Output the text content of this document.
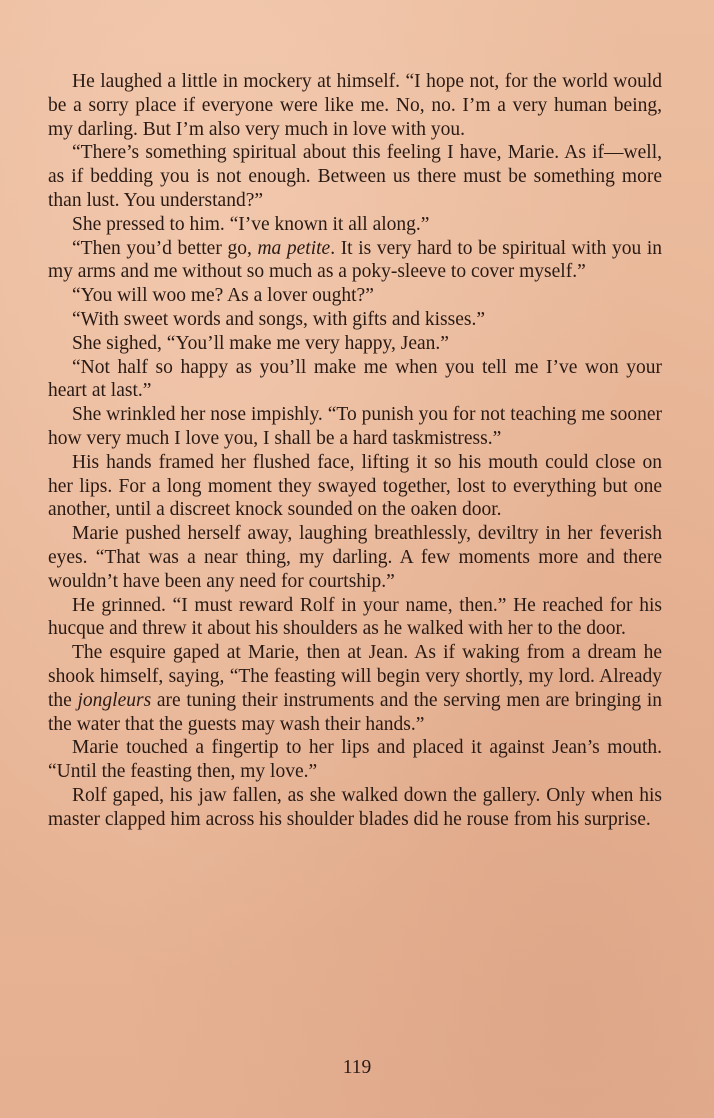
He laughed a little in mockery at himself. “I hope not, for the world would be a sorry place if everyone were like me. No, no. I’m a very human being, my darling. But I’m also very much in love with you.

“There’s something spiritual about this feeling I have, Marie. As if—well, as if bedding you is not enough. Between us there must be something more than lust. You understand?”

She pressed to him. “I’ve known it all along.”

“Then you’d better go, ma petite. It is very hard to be spiritual with you in my arms and me without so much as a poky-sleeve to cover myself.”

“You will woo me? As a lover ought?”

“With sweet words and songs, with gifts and kisses.”

She sighed, “You’ll make me very happy, Jean.”

“Not half so happy as you’ll make me when you tell me I’ve won your heart at last.”

She wrinkled her nose impishly. “To punish you for not teaching me sooner how very much I love you, I shall be a hard taskmistress.”

His hands framed her flushed face, lifting it so his mouth could close on her lips. For a long moment they swayed together, lost to everything but one another, until a discreet knock sounded on the oaken door.

Marie pushed herself away, laughing breathlessly, deviltry in her feverish eyes. “That was a near thing, my darling. A few moments more and there wouldn’t have been any need for courtship.”

He grinned. “I must reward Rolf in your name, then.” He reached for his hucque and threw it about his shoulders as he walked with her to the door.

The esquire gaped at Marie, then at Jean. As if waking from a dream he shook himself, saying, “The feasting will begin very shortly, my lord. Already the jongleurs are tuning their instruments and the serving men are bringing in the water that the guests may wash their hands.”

Marie touched a fingertip to her lips and placed it against Jean’s mouth. “Until the feasting then, my love.”

Rolf gaped, his jaw fallen, as she walked down the gallery. Only when his master clapped him across his shoulder blades did he rouse from his surprise.

119
